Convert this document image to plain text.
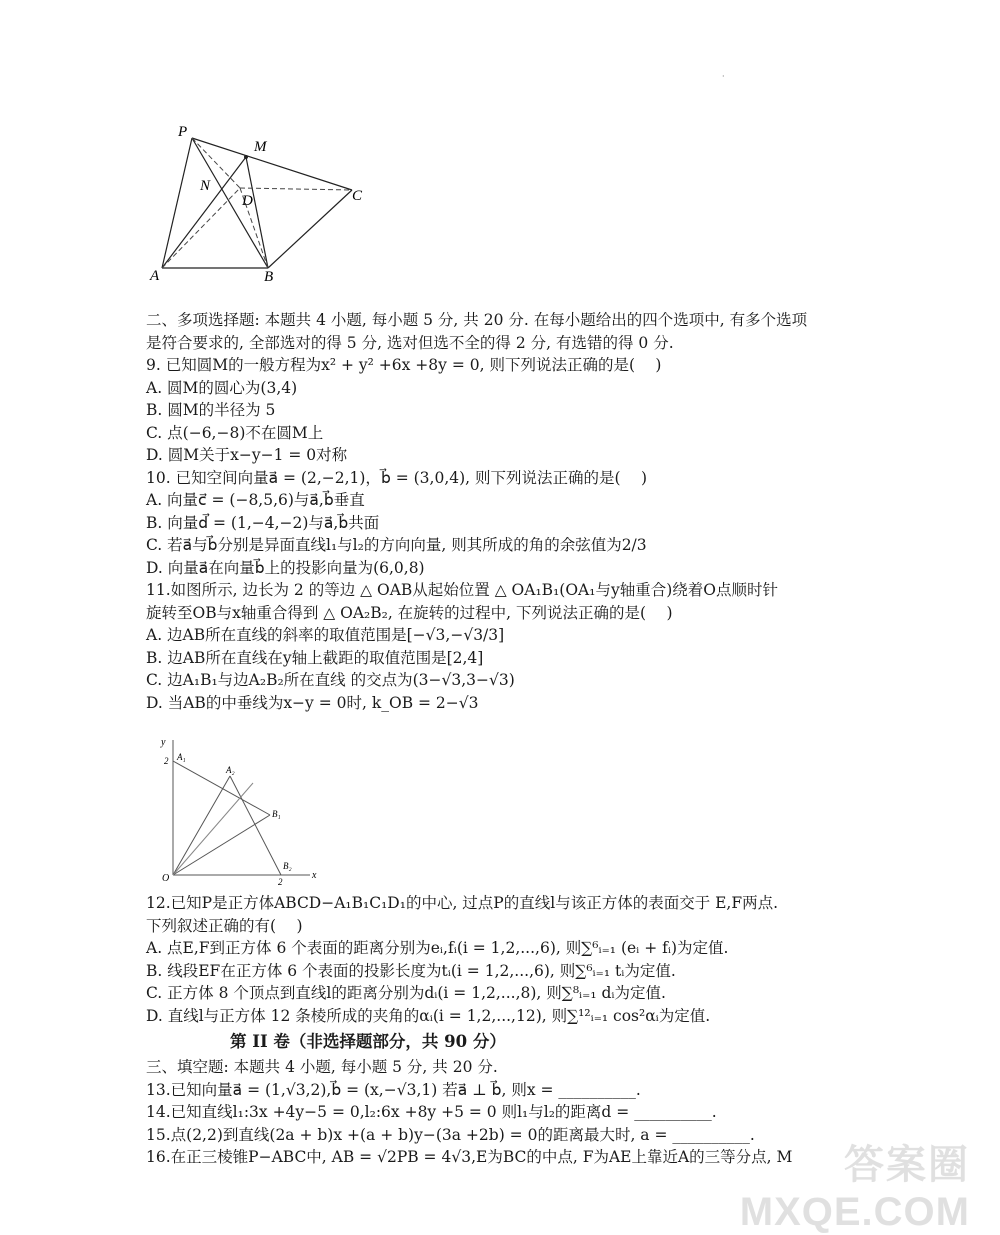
·
P
M
N
D	C
A	B
二、多项选择题: 本题共 4 小题, 每小题 5 分, 共 20 分. 在每小题给出的四个选项中, 有多个选项
是符合要求的, 全部选对的得 5 分, 选对但选不全的得 2 分, 有选错的得 0 分.
9. 已知圆M的一般方程为x² + y² +6x +8y = 0, 则下列说法正确的是(　 )
A. 圆M的圆心为(3,4)
B. 圆M的半径为 5
C. 点(−6,−8)不在圆M上
D. 圆M关于x−y−1 = 0对称
10. 已知空间向量a⃗ = (2,−2,1)，b⃗ = (3,0,4), 则下列说法正确的是(　 )
A. 向量c⃗ = (−8,5,6)与a⃗,b⃗垂直
B. 向量d⃗ = (1,−4,−2)与a⃗,b⃗共面
C. 若a⃗与b⃗分别是异面直线l₁与l₂的方向向量, 则其所成的角的余弦值为2/3
D. 向量a⃗在向量b⃗上的投影向量为(6,0,8)
11.如图所示, 边长为 2 的等边 △ OAB从起始位置 △ OA₁B₁(OA₁与y轴重合)绕着O点顺时针
旋转至OB与x轴重合得到 △ OA₂B₂, 在旋转的过程中, 下列说法正确的是(　 )
A. 边AB所在直线的斜率的取值范围是[−√3,−√3/3]
B. 边AB所在直线在y轴上截距的取值范围是[2,4]
C. 边A₁B₁与边A₂B₂所在直线 的交点为(3−√3,3−√3)
D. 当AB的中垂线为x−y = 0时, k_OB = 2−√3
y
x
O
2
2
A₁
A₂
B₁
B₂
12.已知P是正方体ABCD−A₁B₁C₁D₁的中心, 过点P的直线l与该正方体的表面交于 E,F两点.
下列叙述正确的有(　 )
A. 点E,F到正方体 6 个表面的距离分别为eᵢ,fᵢ(i = 1,2,...,6), 则∑⁶ᵢ₌₁ (eᵢ + fᵢ)为定值.
B. 线段EF在正方体 6 个表面的投影长度为tᵢ(i = 1,2,...,6), 则∑⁶ᵢ₌₁ tᵢ为定值.
C. 正方体 8 个顶点到直线l的距离分别为dᵢ(i = 1,2,...,8), 则∑⁸ᵢ₌₁ dᵢ为定值.
D. 直线l与正方体 12 条棱所成的夹角的αᵢ(i = 1,2,...,12), 则∑¹²ᵢ₌₁ cos²αᵢ为定值.
第 II 卷（非选择题部分，共 90 分）
三、填空题: 本题共 4 小题, 每小题 5 分, 共 20 分.
13.已知向量a⃗ = (1,√3,2),b⃗ = (x,−√3,1) 若a⃗ ⊥ b⃗, 则x = __________.
14.已知直线l₁:3x +4y−5 = 0,l₂:6x +8y +5 = 0 则l₁与l₂的距离d = __________.
15.点(2,2)到直线(2a + b)x +(a + b)y−(3a +2b) = 0的距离最大时, a = __________.
16.在正三棱锥P−ABC中, AB = √2PB = 4√3,E为BC的中点, F为AE上靠近A的三等分点, M	答案圈
MXQE.COM
